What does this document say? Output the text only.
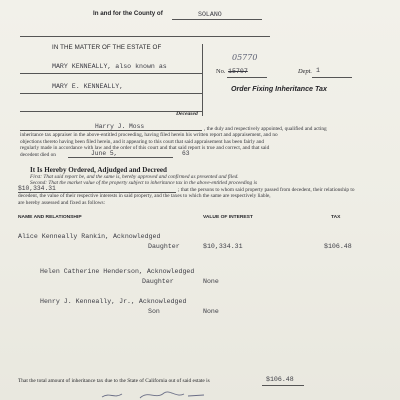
In and for the County of	SOLANO
IN THE MATTER OF THE ESTATE OF
MARY KENNEALLY, also known as
MARY E. KENNEALLY,
05770
No. 15707	Dept. 1
Order Fixing Inheritance Tax
Deceased
Harry J. Moss	, the duly and respectively appointed, qualified and acting
inheritance tax appraiser in the above-entitled proceeding, having filed herein his written report and appraisement, and no
objections thereto having been filed herein, and it appearing to this court that said appraisement has been fairly and
regularly made in accordance with law and the order of this court and that said report is true and correct, and that said
decedent died on	June 5,	63
It Is Hereby Ordered, Adjudged and Decreed
First: That said report be, and the same is, hereby approved and confirmed as presented and filed.
Second: That the market value of the property subject to inheritance tax in the above-entitled proceeding is
$10,334.31	; that the persons to whom said property passed from decedent, their relationship to
decedent, the value of their respective interests in said property, and the taxes to which the same are respectively liable,
are hereby assessed and fixed as follows:
NAME AND RELATIONSHIP	VALUE OF INTEREST	TAX
Alice Kenneally Rankin, Acknowledged
Daughter	$10,334.31	$106.48
Helen Catherine Henderson, Acknowledged
Daughter	None
Henry J. Kenneally, Jr., Acknowledged
Son	None
That the total amount of inheritance tax due to the State of California out of said estate is	$106.48
